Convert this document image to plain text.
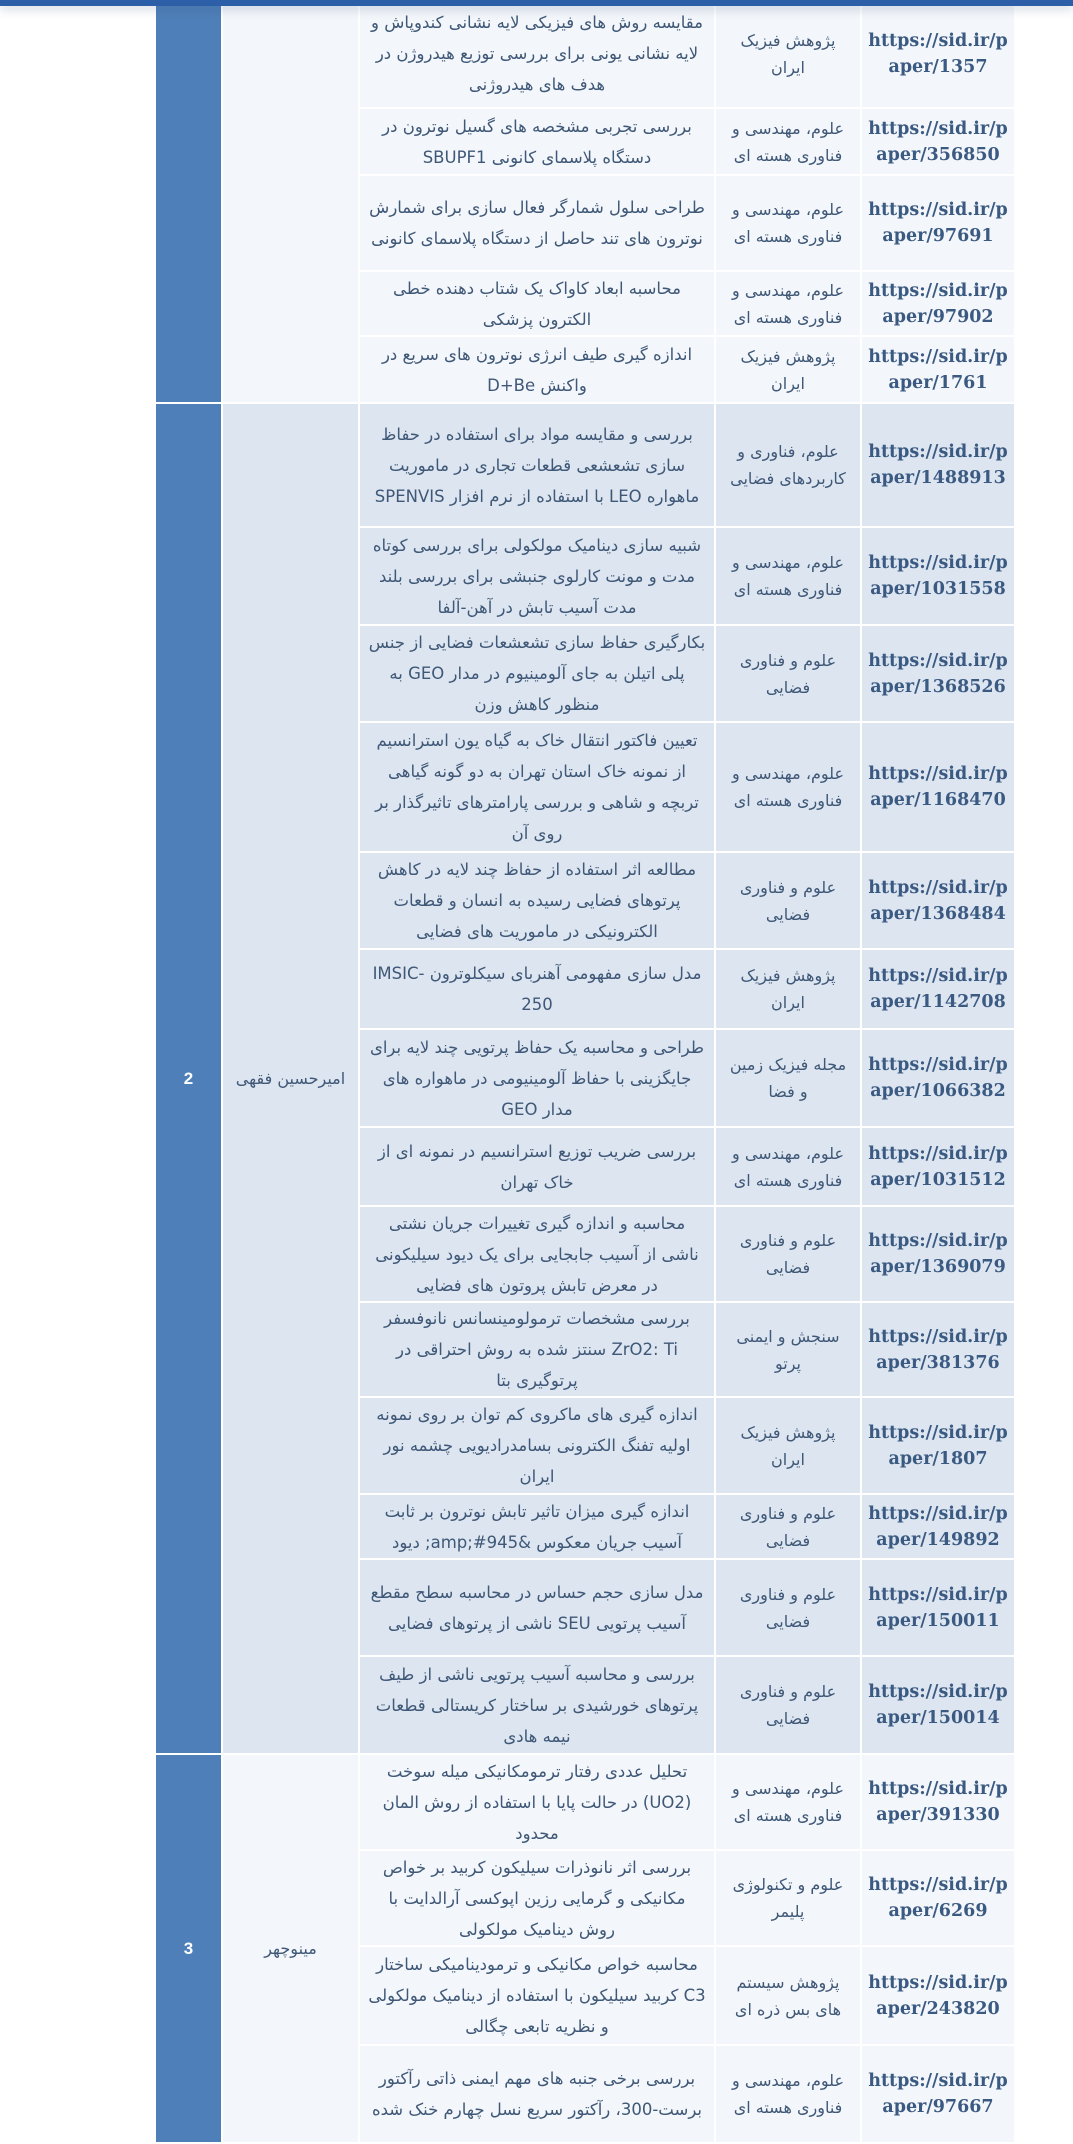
https://sid.ir/paper/1357	پژوهش فیزیک ایران	مقایسه روش های فیزیکی لایه نشانی کندوپاش و لایه نشانی یونی برای بررسی توزیع هیدروژن در هدف های هیدروژنی		
https://sid.ir/paper/356850	علوم، مهندسی و فناوری هسته ای	بررسی تجربی مشخصه های گسیل نوترون در دستگاه پلاسمای کانونی SBUPF1		
https://sid.ir/paper/97691	علوم، مهندسی و فناوری هسته ای	طراحی سلول شمارگر فعال سازی برای شمارش نوترون های تند حاصل از دستگاه پلاسمای کانونی		
https://sid.ir/paper/97902	علوم، مهندسی و فناوری هسته ای	محاسبه ابعاد کاواک یک شتاب دهنده خطی الکترون پزشکی		
https://sid.ir/paper/1761	پژوهش فیزیک ایران	اندازه گیری طیف انرژی نوترون های سریع در واکنش D+Be		
https://sid.ir/paper/1488913	علوم، فناوری و کاربردهای فضایی	بررسی و مقایسه مواد برای استفاده در حفاظ سازی تشعشعی قطعات تجاری در ماموریت ماهواره LEO با استفاده از نرم افزار SPENVIS	امیرحسین فقهی	2
https://sid.ir/paper/1031558	علوم، مهندسی و فناوری هسته ای	شبیه سازی دینامیک مولکولی برای بررسی کوتاه مدت و مونت کارلوی جنبشی برای بررسی بلند مدت آسیب تابش در آهن-آلفا		
https://sid.ir/paper/1368526	علوم و فناوری فضایی	بکارگیری حفاظ سازی تشعشعات فضایی از جنس پلی اتیلن به جای آلومینیوم در مدار GEO به منظور کاهش وزن		
https://sid.ir/paper/1168470	علوم، مهندسی و فناوری هسته ای	تعیین فاکتور انتقال خاک به گیاه یون استرانسیم از نمونه خاک استان تهران به دو گونه گیاهی تربچه و شاهی و بررسی پارامترهای تاثیرگذار بر روی آن		
https://sid.ir/paper/1368484	علوم و فناوری فضایی	مطالعه اثر استفاده از حفاظ چند لایه در کاهش پرتوهای فضایی رسیده به انسان و قطعات الکترونیکی در ماموریت های فضایی		
https://sid.ir/paper/1142708	پژوهش فیزیک ایران	مدل سازی مفهومی آهنربای سیکلوترون IMSIC-250		
https://sid.ir/paper/1066382	مجله فیزیک زمین و فضا	طراحی و محاسبه یک حفاظ پرتویی چند لایه برای جایگزینی با حفاظ آلومینیومی در ماهواره های مدار GEO		
https://sid.ir/paper/1031512	علوم، مهندسی و فناوری هسته ای	بررسی ضریب توزیع استرانسیم در نمونه ای از خاک تهران		
https://sid.ir/paper/1369079	علوم و فناوری فضایی	محاسبه و اندازه گیری تغییرات جریان نشتی ناشی از آسیب جابجایی برای یک دیود سیلیکونی در معرض تابش پروتون های فضایی		
https://sid.ir/paper/381376	سنجش و ایمنی پرتو	بررسی مشخصات ترمولومینسانس نانوفسفر ZrO2: Ti سنتز شده به روش احتراقی در پرتوگیری بتا		
https://sid.ir/paper/1807	پژوهش فیزیک ایران	اندازه گیری های ماکروی کم توان بر روی نمونه اولیه تفنگ الکترونی بسامدرادیویی چشمه نور ایران		
https://sid.ir/paper/149892	علوم و فناوری فضایی	اندازه گیری میزان تاثیر تابش نوترون بر ثابت آسیب جریان معکوس &amp;#945; دیود		
https://sid.ir/paper/150011	علوم و فناوری فضایی	مدل سازی حجم حساس در محاسبه سطح مقطع آسیب پرتویی SEU ناشی از پرتوهای فضایی		
https://sid.ir/paper/150014	علوم و فناوری فضایی	بررسی و محاسبه آسیب پرتویی ناشی از طیف پرتوهای خورشیدی بر ساختار کریستالی قطعات نیمه هادی		
https://sid.ir/paper/391330	علوم، مهندسی و فناوری هسته ای	تحلیل عددی رفتار ترمومکانیکی میله سوخت (UO2) در حالت پایا با استفاده از روش المان محدود	مینوچهر	3
https://sid.ir/paper/6269	علوم و تکنولوژی پلیمر	بررسی اثر نانوذرات سیلیکون کربید بر خواص مکانیکی و گرمایی رزین اپوکسی آرالدایت با روش دینامیک مولکولی		
https://sid.ir/paper/243820	پژوهش سیستم های بس ذره ای	محاسبه خواص مکانیکی و ترمودینامیکی ساختار C3 کربید سیلیکون با استفاده از دینامیک مولکولی و نظریه تابعی چگالی		
https://sid.ir/paper/97667	علوم، مهندسی و فناوری هسته ای	بررسی برخی جنبه های مهم ایمنی ذاتی رآکتور برست-300، رآکتور سریع نسل چهارم خنک شده		
